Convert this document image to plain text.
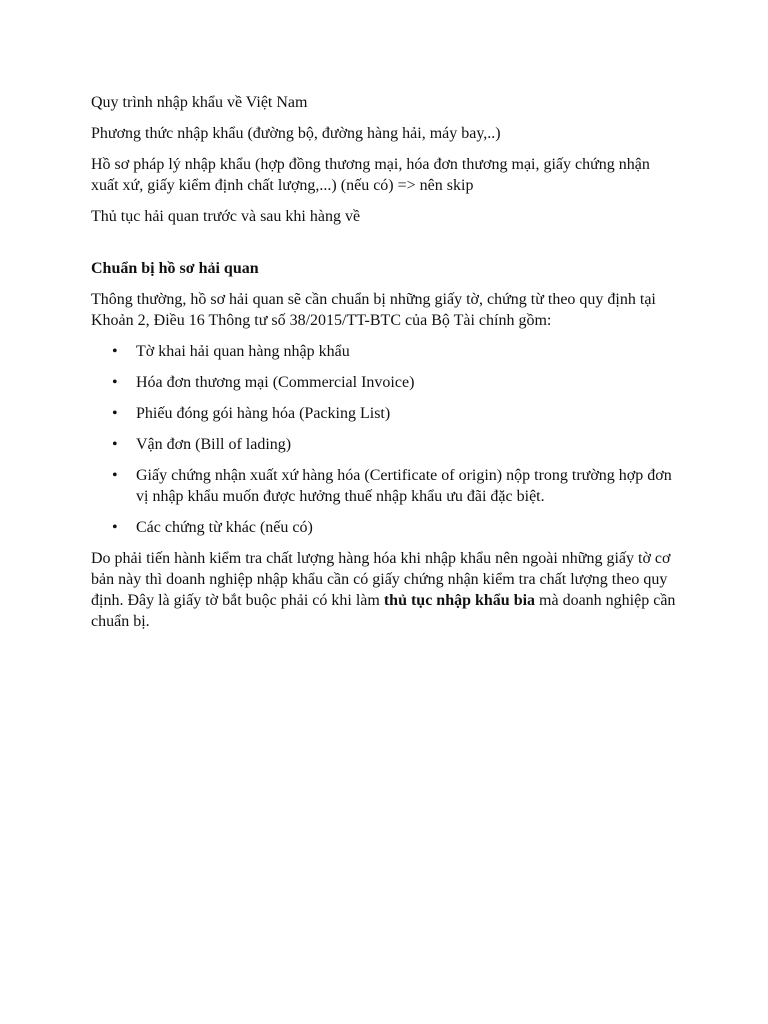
Quy trình nhập khẩu về Việt Nam

Phương thức nhập khẩu (đường bộ, đường hàng hải, máy bay,..)

Hồ sơ pháp lý nhập khẩu (hợp đồng thương mại, hóa đơn thương mại, giấy chứng nhận xuất xứ, giấy kiểm định chất lượng,...) (nếu có) => nên skip

Thủ tục hải quan trước và sau khi hàng về

Chuẩn bị hồ sơ hải quan

Thông thường, hồ sơ hải quan sẽ cần chuẩn bị những giấy tờ, chứng từ theo quy định tại Khoản 2, Điều 16 Thông tư số 38/2015/TT-BTC của Bộ Tài chính gồm:

• Tờ khai hải quan hàng nhập khẩu
• Hóa đơn thương mại (Commercial Invoice)
• Phiếu đóng gói hàng hóa (Packing List)
• Vận đơn (Bill of lading)
• Giấy chứng nhận xuất xứ hàng hóa (Certificate of origin) nộp trong trường hợp đơn vị nhập khẩu muốn được hưởng thuế nhập khẩu ưu đãi đặc biệt.
• Các chứng từ khác (nếu có)

Do phải tiến hành kiểm tra chất lượng hàng hóa khi nhập khẩu nên ngoài những giấy tờ cơ bản này thì doanh nghiệp nhập khẩu cần có giấy chứng nhận kiểm tra chất lượng theo quy định. Đây là giấy tờ bắt buộc phải có khi làm thủ tục nhập khẩu bia mà doanh nghiệp cần chuẩn bị.
